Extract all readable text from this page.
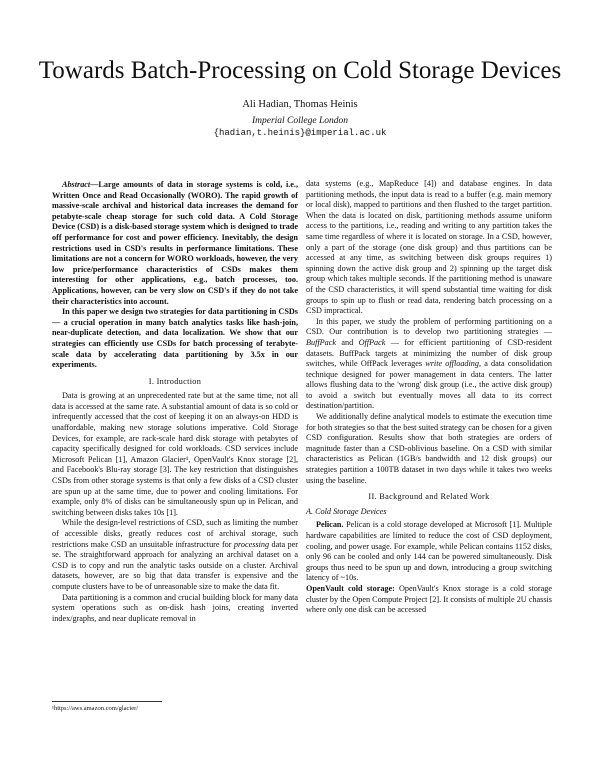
Towards Batch-Processing on Cold Storage Devices
Ali Hadian, Thomas Heinis
Imperial College London
{hadian,t.heinis}@imperial.ac.uk

Abstract—Large amounts of data in storage systems is cold, i.e., Written Once and Read Occasionally (WORO). The rapid growth of massive-scale archival and historical data increases the demand for petabyte-scale cheap storage for such cold data. A Cold Storage Device (CSD) is a disk-based storage system which is designed to trade off performance for cost and power efficiency. Inevitably, the design restrictions used in CSD's results in performance limitations. These limitations are not a concern for WORO workloads, however, the very low price/performance characteristics of CSDs makes them interesting for other applications, e.g., batch processes, too. Applications, however, can be very slow on CSD's if they do not take their characteristics into account.

In this paper we design two strategies for data partitioning in CSDs — a crucial operation in many batch analytics tasks like hash-join, near-duplicate detection, and data localization. We show that our strategies can efficiently use CSDs for batch processing of terabyte-scale data by accelerating data partitioning by 3.5x in our experiments.

I. Introduction

Data is growing at an unprecedented rate but at the same time, not all data is accessed at the same rate. A substantial amount of data is so cold or infrequently accessed that the cost of keeping it on an always-on HDD is unaffordable, making new storage solutions imperative. Cold Storage Devices, for example, are rack-scale hard disk storage with petabytes of capacity specifically designed for cold workloads. CSD services include Microsoft Pelican [1], Amazon Glacier¹, OpenVault's Knox storage [2], and Facebook's Blu-ray storage [3]. The key restriction that distinguishes CSDs from other storage systems is that only a few disks of a CSD cluster are spun up at the same time, due to power and cooling limitations. For example, only 8% of disks can be simultaneously spun up in Pelican, and switching between disks takes 10s [1].

While the design-level restrictions of CSD, such as limiting the number of accessible disks, greatly reduces cost of archival storage, such restrictions make CSD an unsuitable infrastructure for processing data per se. The straightforward approach for analyzing an archival dataset on a CSD is to copy and run the analytic tasks outside on a cluster. Archival datasets, however, are so big that data transfer is expensive and the compute clusters have to be of unreasonable size to make the data fit.

Data partitioning is a common and crucial building block for many data system operations such as on-disk hash joins, creating inverted index/graphs, and near duplicate removal in

data systems (e.g., MapReduce [4]) and database engines. In data partitioning methods, the input data is read to a buffer (e.g. main memory or local disk), mapped to partitions and then flushed to the target partition. When the data is located on disk, partitioning methods assume uniform access to the partitions, i.e., reading and writing to any partition takes the same time regardless of where it is located on storage. In a CSD, however, only a part of the storage (one disk group) and thus partitions can be accessed at any time, as switching between disk groups requires 1) spinning down the active disk group and 2) spinning up the target disk group which takes multiple seconds. If the partitioning method is unaware of the CSD characteristics, it will spend substantial time waiting for disk groups to spin up to flush or read data, rendering batch processing on a CSD impractical.

In this paper, we study the problem of performing partitioning on a CSD. Our contribution is to develop two partitioning strategies — BuffPack and OffPack — for efficient partitioning of CSD-resident datasets. BuffPack targets at minimizing the number of disk group switches, while OffPack leverages write offloading, a data consolidation technique designed for power management in data centers. The latter allows flushing data to the 'wrong' disk group (i.e., the active disk group) to avoid a switch but eventually moves all data to its correct destination/partition.

We additionally define analytical models to estimate the execution time for both strategies so that the best suited strategy can be chosen for a given CSD configuration. Results show that both strategies are orders of magnitude faster than a CSD-oblivious baseline. On a CSD with similar characteristics as Pelican (1GB/s bandwidth and 12 disk groups) our strategies partition a 100TB dataset in two days while it takes two weeks using the baseline.

II. Background and Related Work
A. Cold Storage Devices

Pelican. Pelican is a cold storage developed at Microsoft [1]. Multiple hardware capabilities are limited to reduce the cost of CSD deployment, cooling, and power usage. For example, while Pelican contains 1152 disks, only 96 can be cooled and only 144 can be powered simultaneously. Disk groups thus need to be spun up and down, introducing a group switching latency of ~10s.

OpenVault cold storage: OpenVault's Knox storage is a cold storage cluster by the Open Compute Project [2]. It consists of multiple 2U chassis where only one disk can be accessed

¹https://aws.amazon.com/glacier/
